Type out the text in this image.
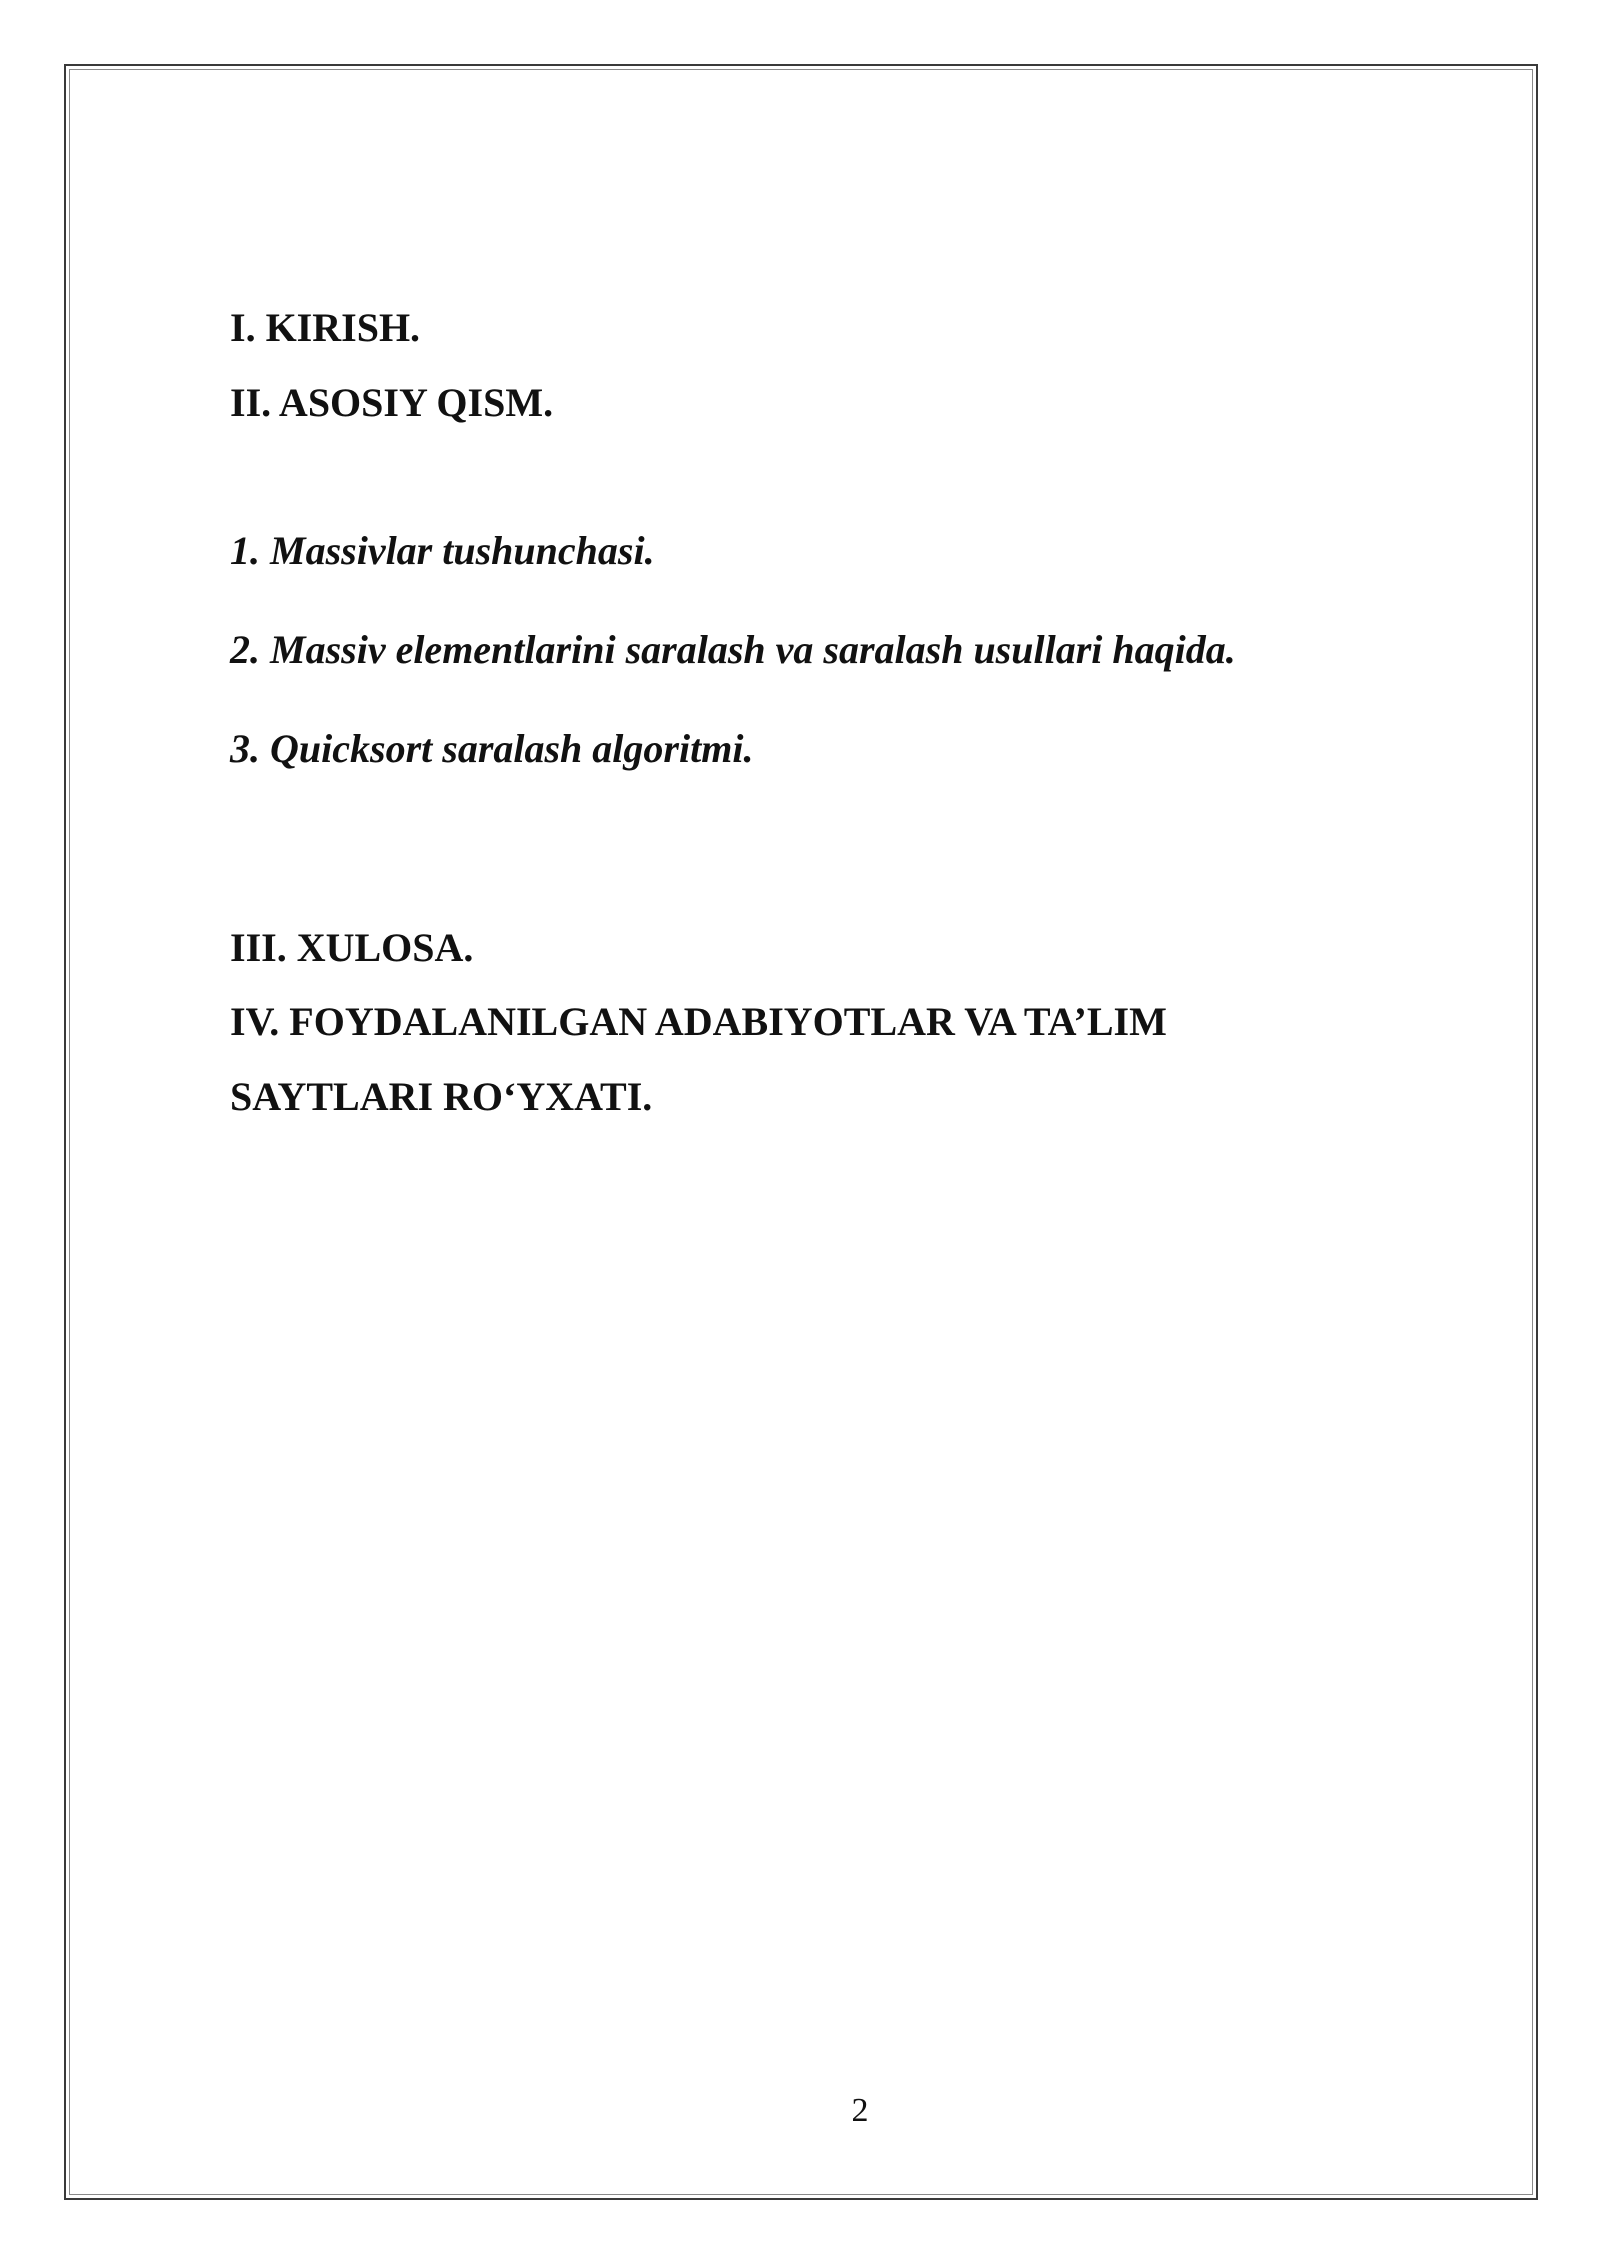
I. KIRISH.
II. ASOSIY QISM.
1. Massivlar tushunchasi.
2. Massiv elementlarini saralash va saralash usullari haqida.
3. Quicksort saralash algoritmi.
III. XULOSA.
IV. FOYDALANILGAN ADABIYOTLAR VA TA’LIM
SAYTLARI RO‘YXATI.
2
